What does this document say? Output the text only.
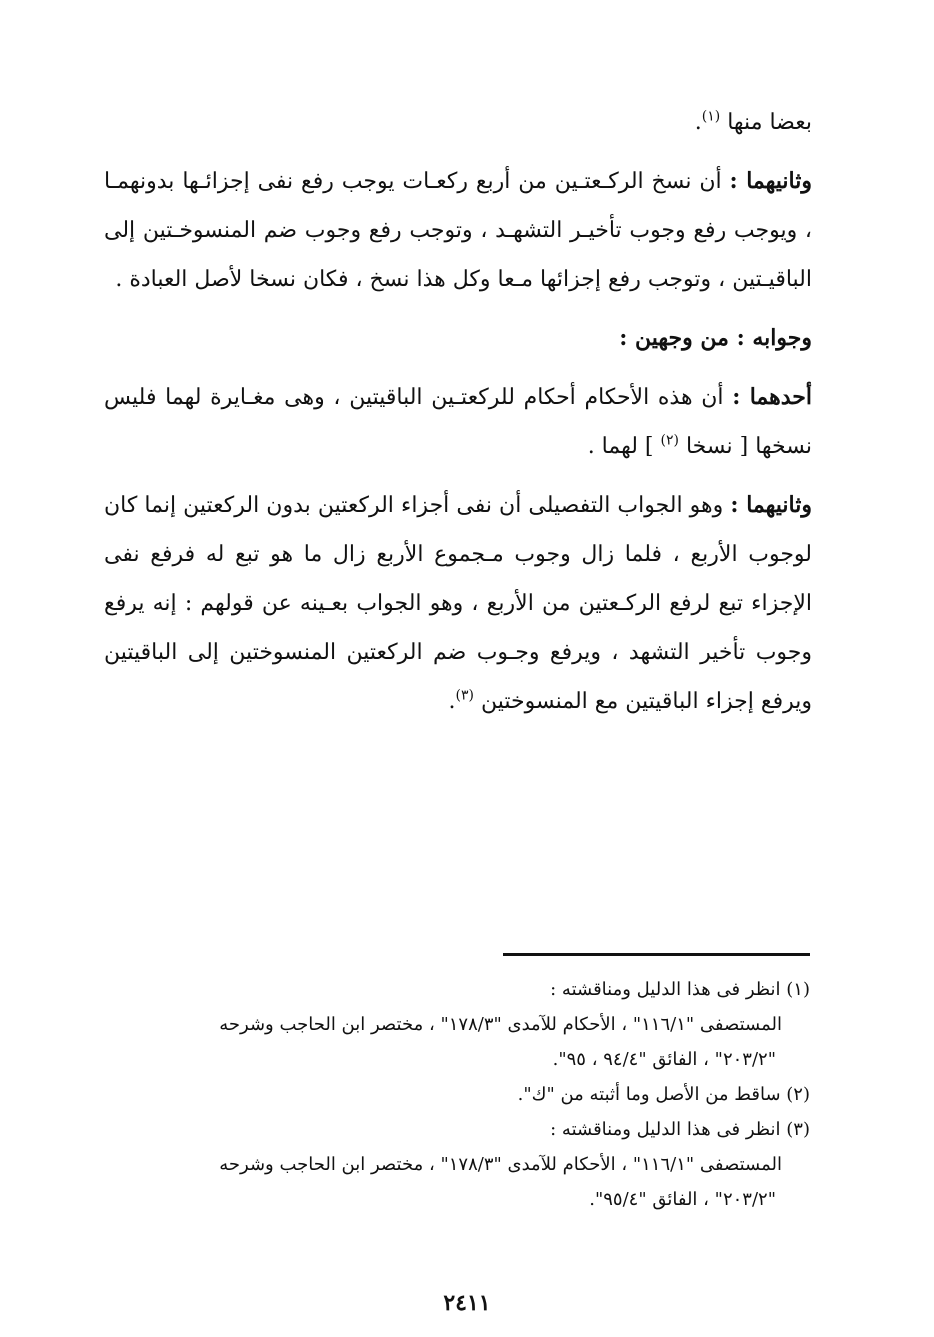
بعضا منها $^{(١)}$.

وثانيهما : أن نسخ الركـعتـين من أربع ركعـات يوجب رفع نفى إجزائـها بدونهمـا ، ويوجب رفع وجوب تأخيـر التشهـد ، وتوجب رفع وجوب ضم المنسوخـتين إلى الباقيـتين ، وتوجب رفع إجزائها مـعا وكل هذا نسخ ، فكان نسخا لأصل العبادة .

وجوابه : من وجهين :

أحدهما : أن هذه الأحكام أحكام للركعتـين الباقيتين ، وهى مغـايرة لهما فليس نسخها [ نسخا $^{(٢)}$ ] لهما .

وثانيهما : وهو الجواب التفصيلى أن نفى أجزاء الركعتين بدون الركعتين إنما كان لوجوب الأربع ، فلما زال وجوب مـجموع الأربع زال ما هو تبع له فرفع نفى الإجزاء تبع لرفع الركـعتين من الأربع ، وهو الجواب بعـينه عن قولهم : إنه يرفع وجوب تأخير التشهد ، ويرفع وجـوب ضم الركعتين المنسوختين إلى الباقيتين ويرفع إجزاء الباقيتين مع المنسوختين $^{(٣)}$.

(١) انظر فى هذا الدليل ومناقشته :

المستصفى "١١٦/١" ، الأحكام للآمدى "١٧٨/٣" ، مختصر ابن الحاجب وشرحه
"٢٠٣/٢" ، الفائق "٩٤/٤ ، ٩٥".

(٢) ساقط من الأصل وما أثبته من "ك".

(٣) انظر فى هذا الدليل ومناقشته :

المستصفى "١١٦/١" ، الأحكام للآمدى "١٧٨/٣" ، مختصر ابن الحاجب وشرحه
"٢٠٣/٢" ، الفائق "٩٥/٤".

٢٤١١
